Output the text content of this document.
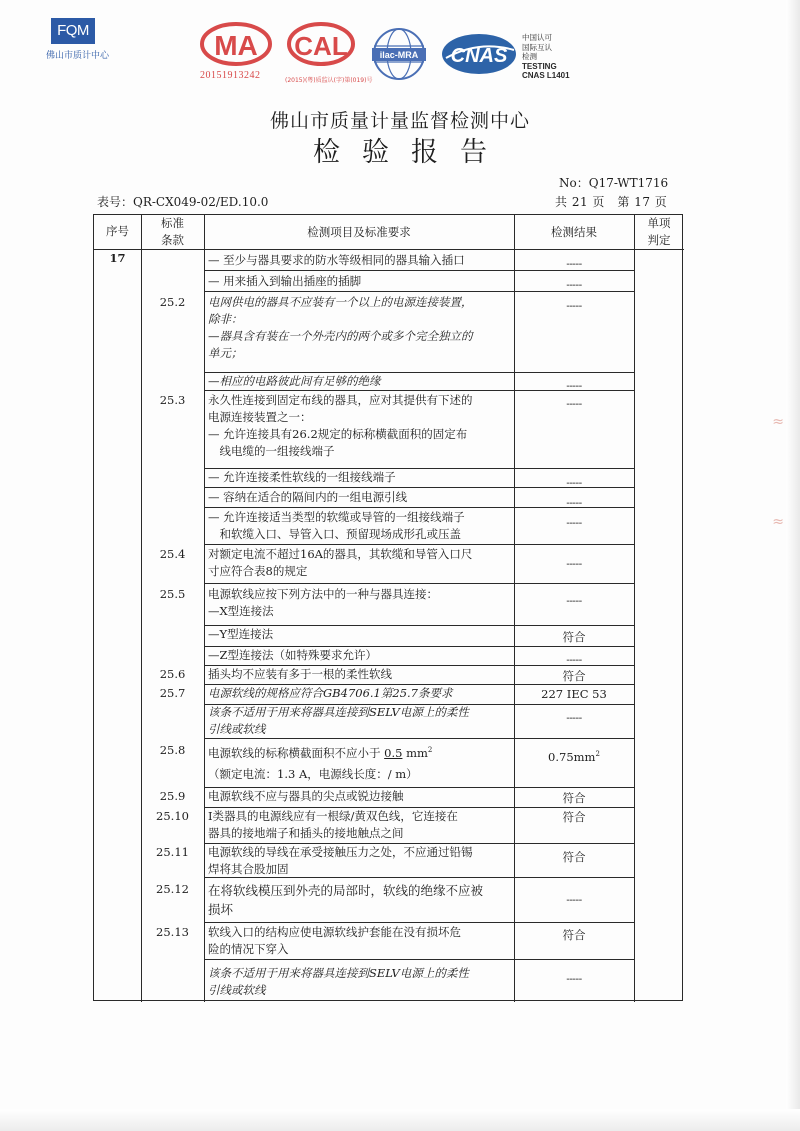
FQM
佛山市质计中心	MA
20151913242
CAL
(2015)(粤)质监认(字)第(019)号
ilac-MRA CNAS
中国认可
国际互认
检测
TESTING
CNAS L1401
佛山市质量计量监督检测中心
检验报告
No：Q17-WT1716
表号：QR-CX049-02/ED.10.0	共 21 页　第 17 页
序号
标准
条款
检测项目及标准要求	检测结果
单项
判定
17	— 至少与器具要求的防水等级相同的器具输入插口	-----
— 用来插入到输出插座的插脚	-----
25.2	电网供电的器具不应装有一个以上的电源连接装置，
除非：
—器具含有装在一个外壳内的两个或多个完全独立的
单元；
-----
—相应的电路彼此间有足够的绝缘	-----
25.3	永久性连接到固定布线的器具，应对其提供有下述的
电源连接装置之一：
— 允许连接具有26.2规定的标称横截面积的固定布
　线电缆的一组接线端子
-----
— 允许连接柔性软线的一组接线端子	-----
— 容纳在适合的隔间内的一组电源引线	-----
— 允许连接适当类型的软缆或导管的一组接线端子
　和软缆入口、导管入口、预留现场成形孔或压盖
-----
25.4	对额定电流不超过16A的器具，其软缆和导管入口尺
寸应符合表8的规定	-----
25.5	电源软线应按下列方法中的一种与器具连接：
—X型连接法
-----
—Y型连接法	符合
—Z型连接法（如特殊要求允许）	-----
25.6	插头均不应装有多于一根的柔性软线	符合
25.7	电源软线的规格应符合GB4706.1第25.7条要求	227 IEC 53
该条不适用于用来将器具连接到SELV电源上的柔性
引线或软线
-----
25.8	电源软线的标称横截面积不应小于 0.5 $mm^2$
（额定电流：1.3 A，电源线长度：/ m）
$0.75mm^2$
25.9	电源软线不应与器具的尖点或锐边接触	符合
25.10	Ⅰ类器具的电源线应有一根绿/黄双色线，它连接在
器具的接地端子和插头的接地触点之间
符合
25.11	电源软线的导线在承受接触压力之处，不应通过铅锡
焊将其合股加固
符合
25.12	在将软线模压到外壳的局部时，软线的绝缘不应被
损坏
-----
25.13	软线入口的结构应使电源软线护套能在没有损坏危
险的情况下穿入
符合
该条不适用于用来将器具连接到SELV电源上的柔性
引线或软线
-----
≈
≈
